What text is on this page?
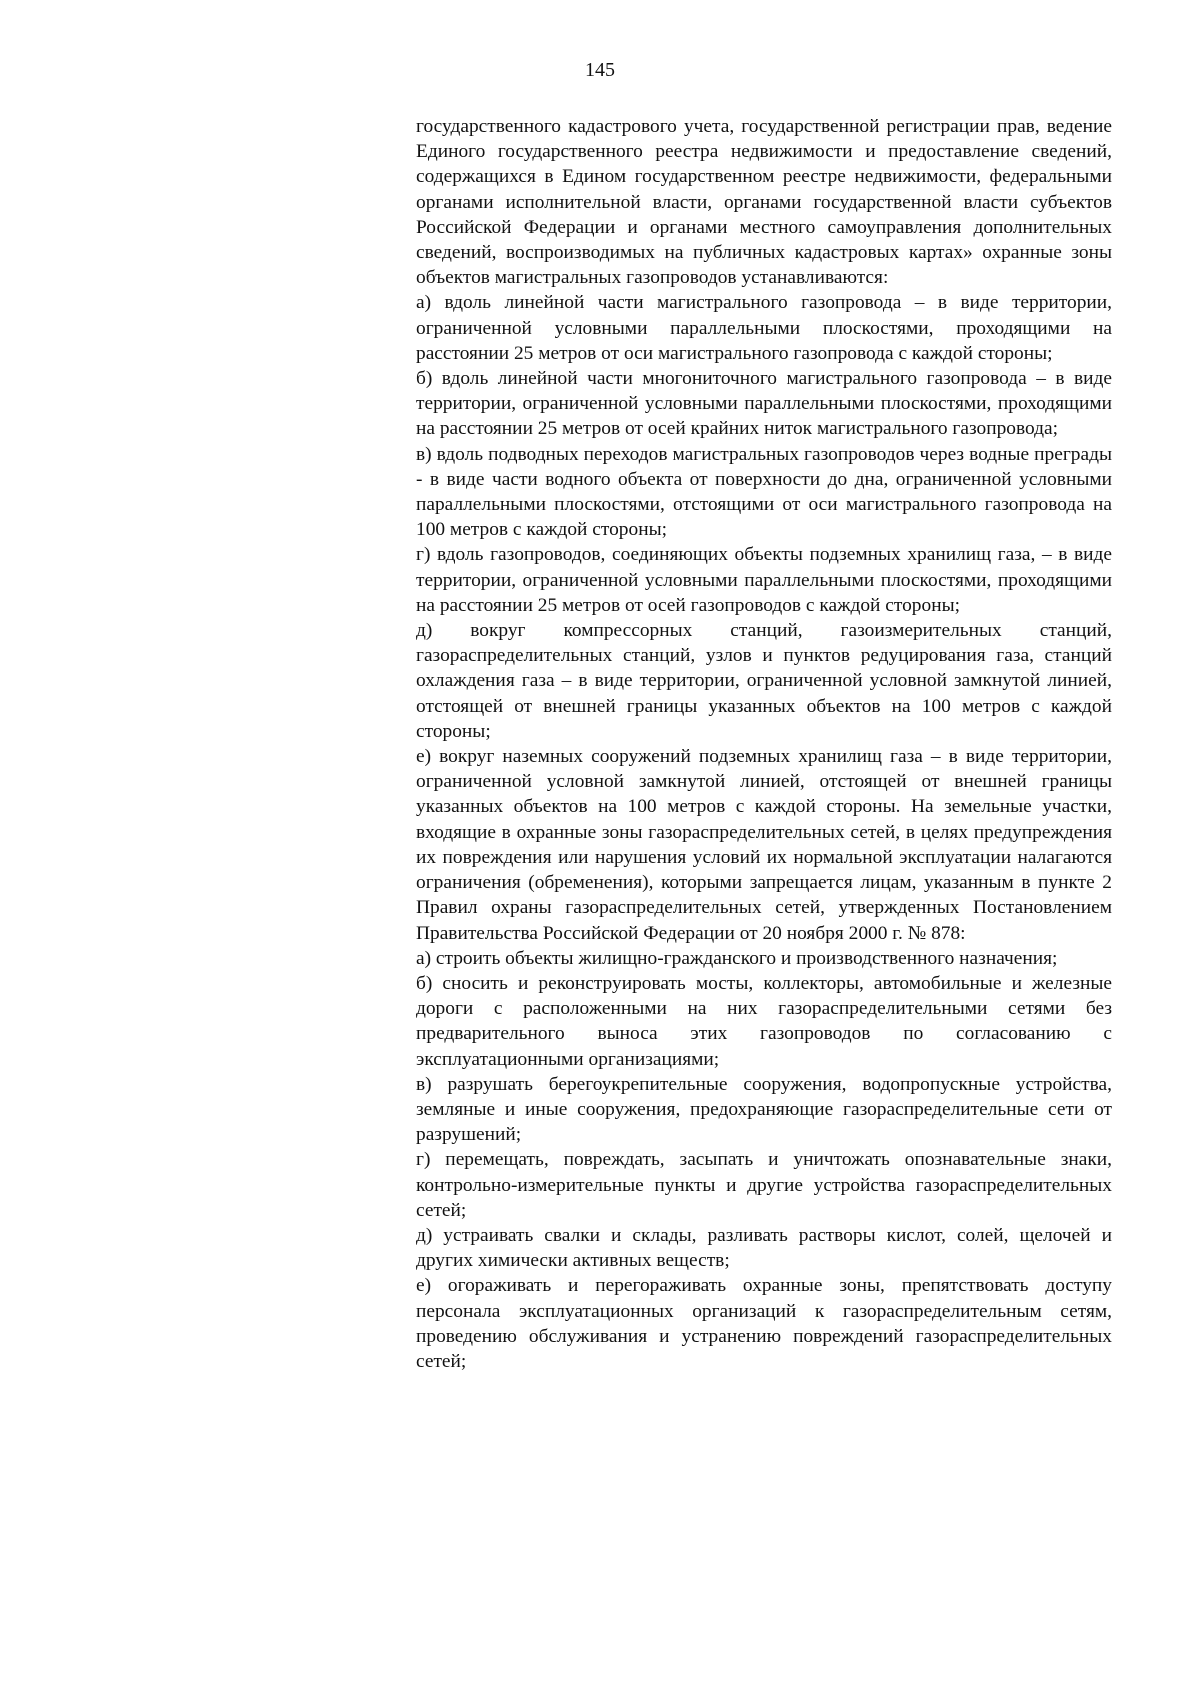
145

государственного кадастрового учета, государственной регистрации прав, ведение Единого государственного реестра недвижимости и предоставление сведений, содержащихся в Едином государственном реестре недвижимости, федеральными органами исполнительной власти, органами государственной власти субъектов Российской Федерации и органами местного самоуправления дополнительных сведений, воспроизводимых на публичных кадастровых картах» охранные зоны объектов магистральных газопроводов устанавливаются:

а) вдоль линейной части магистрального газопровода – в виде территории, ограниченной условными параллельными плоскостями, проходящими на расстоянии 25 метров от оси магистрального газопровода с каждой стороны;

б) вдоль линейной части многониточного магистрального газопровода – в виде территории, ограниченной условными параллельными плоскостями, проходящими на расстоянии 25 метров от осей крайних ниток магистрального газопровода;

в) вдоль подводных переходов магистральных газопроводов через водные преграды - в виде части водного объекта от поверхности до дна, ограниченной условными параллельными плоскостями, отстоящими от оси магистрального газопровода на 100 метров с каждой стороны;

г) вдоль газопроводов, соединяющих объекты подземных хранилищ газа, – в виде территории, ограниченной условными параллельными плоскостями, проходящими на расстоянии 25 метров от осей газопроводов с каждой стороны;

д) вокруг компрессорных станций, газоизмерительных станций, газораспределительных станций, узлов и пунктов редуцирования газа, станций охлаждения газа – в виде территории, ограниченной условной замкнутой линией, отстоящей от внешней границы указанных объектов на 100 метров с каждой стороны;

е) вокруг наземных сооружений подземных хранилищ газа – в виде территории, ограниченной условной замкнутой линией, отстоящей от внешней границы указанных объектов на 100 метров с каждой стороны. На земельные участки, входящие в охранные зоны газораспределительных сетей, в целях предупреждения их повреждения или нарушения условий их нормальной эксплуатации налагаются ограничения (обременения), которыми запрещается лицам, указанным в пункте 2 Правил охраны газораспределительных сетей, утвержденных Постановлением Правительства Российской Федерации от 20 ноября 2000 г. № 878:

а) строить объекты жилищно-гражданского и производственного назначения;

б) сносить и реконструировать мосты, коллекторы, автомобильные и железные дороги с расположенными на них газораспределительными сетями без предварительного выноса этих газопроводов по согласованию с эксплуатационными организациями;

в) разрушать берегоукрепительные сооружения, водопропускные устройства, земляные и иные сооружения, предохраняющие газораспределительные сети от разрушений;

г) перемещать, повреждать, засыпать и уничтожать опознавательные знаки, контрольно-измерительные пункты и другие устройства газораспределительных сетей;

д) устраивать свалки и склады, разливать растворы кислот, солей, щелочей и других химически активных веществ;

е) огораживать и перегораживать охранные зоны, препятствовать доступу персонала эксплуатационных организаций к газораспределительным сетям, проведению обслуживания и устранению повреждений газораспределительных сетей;
